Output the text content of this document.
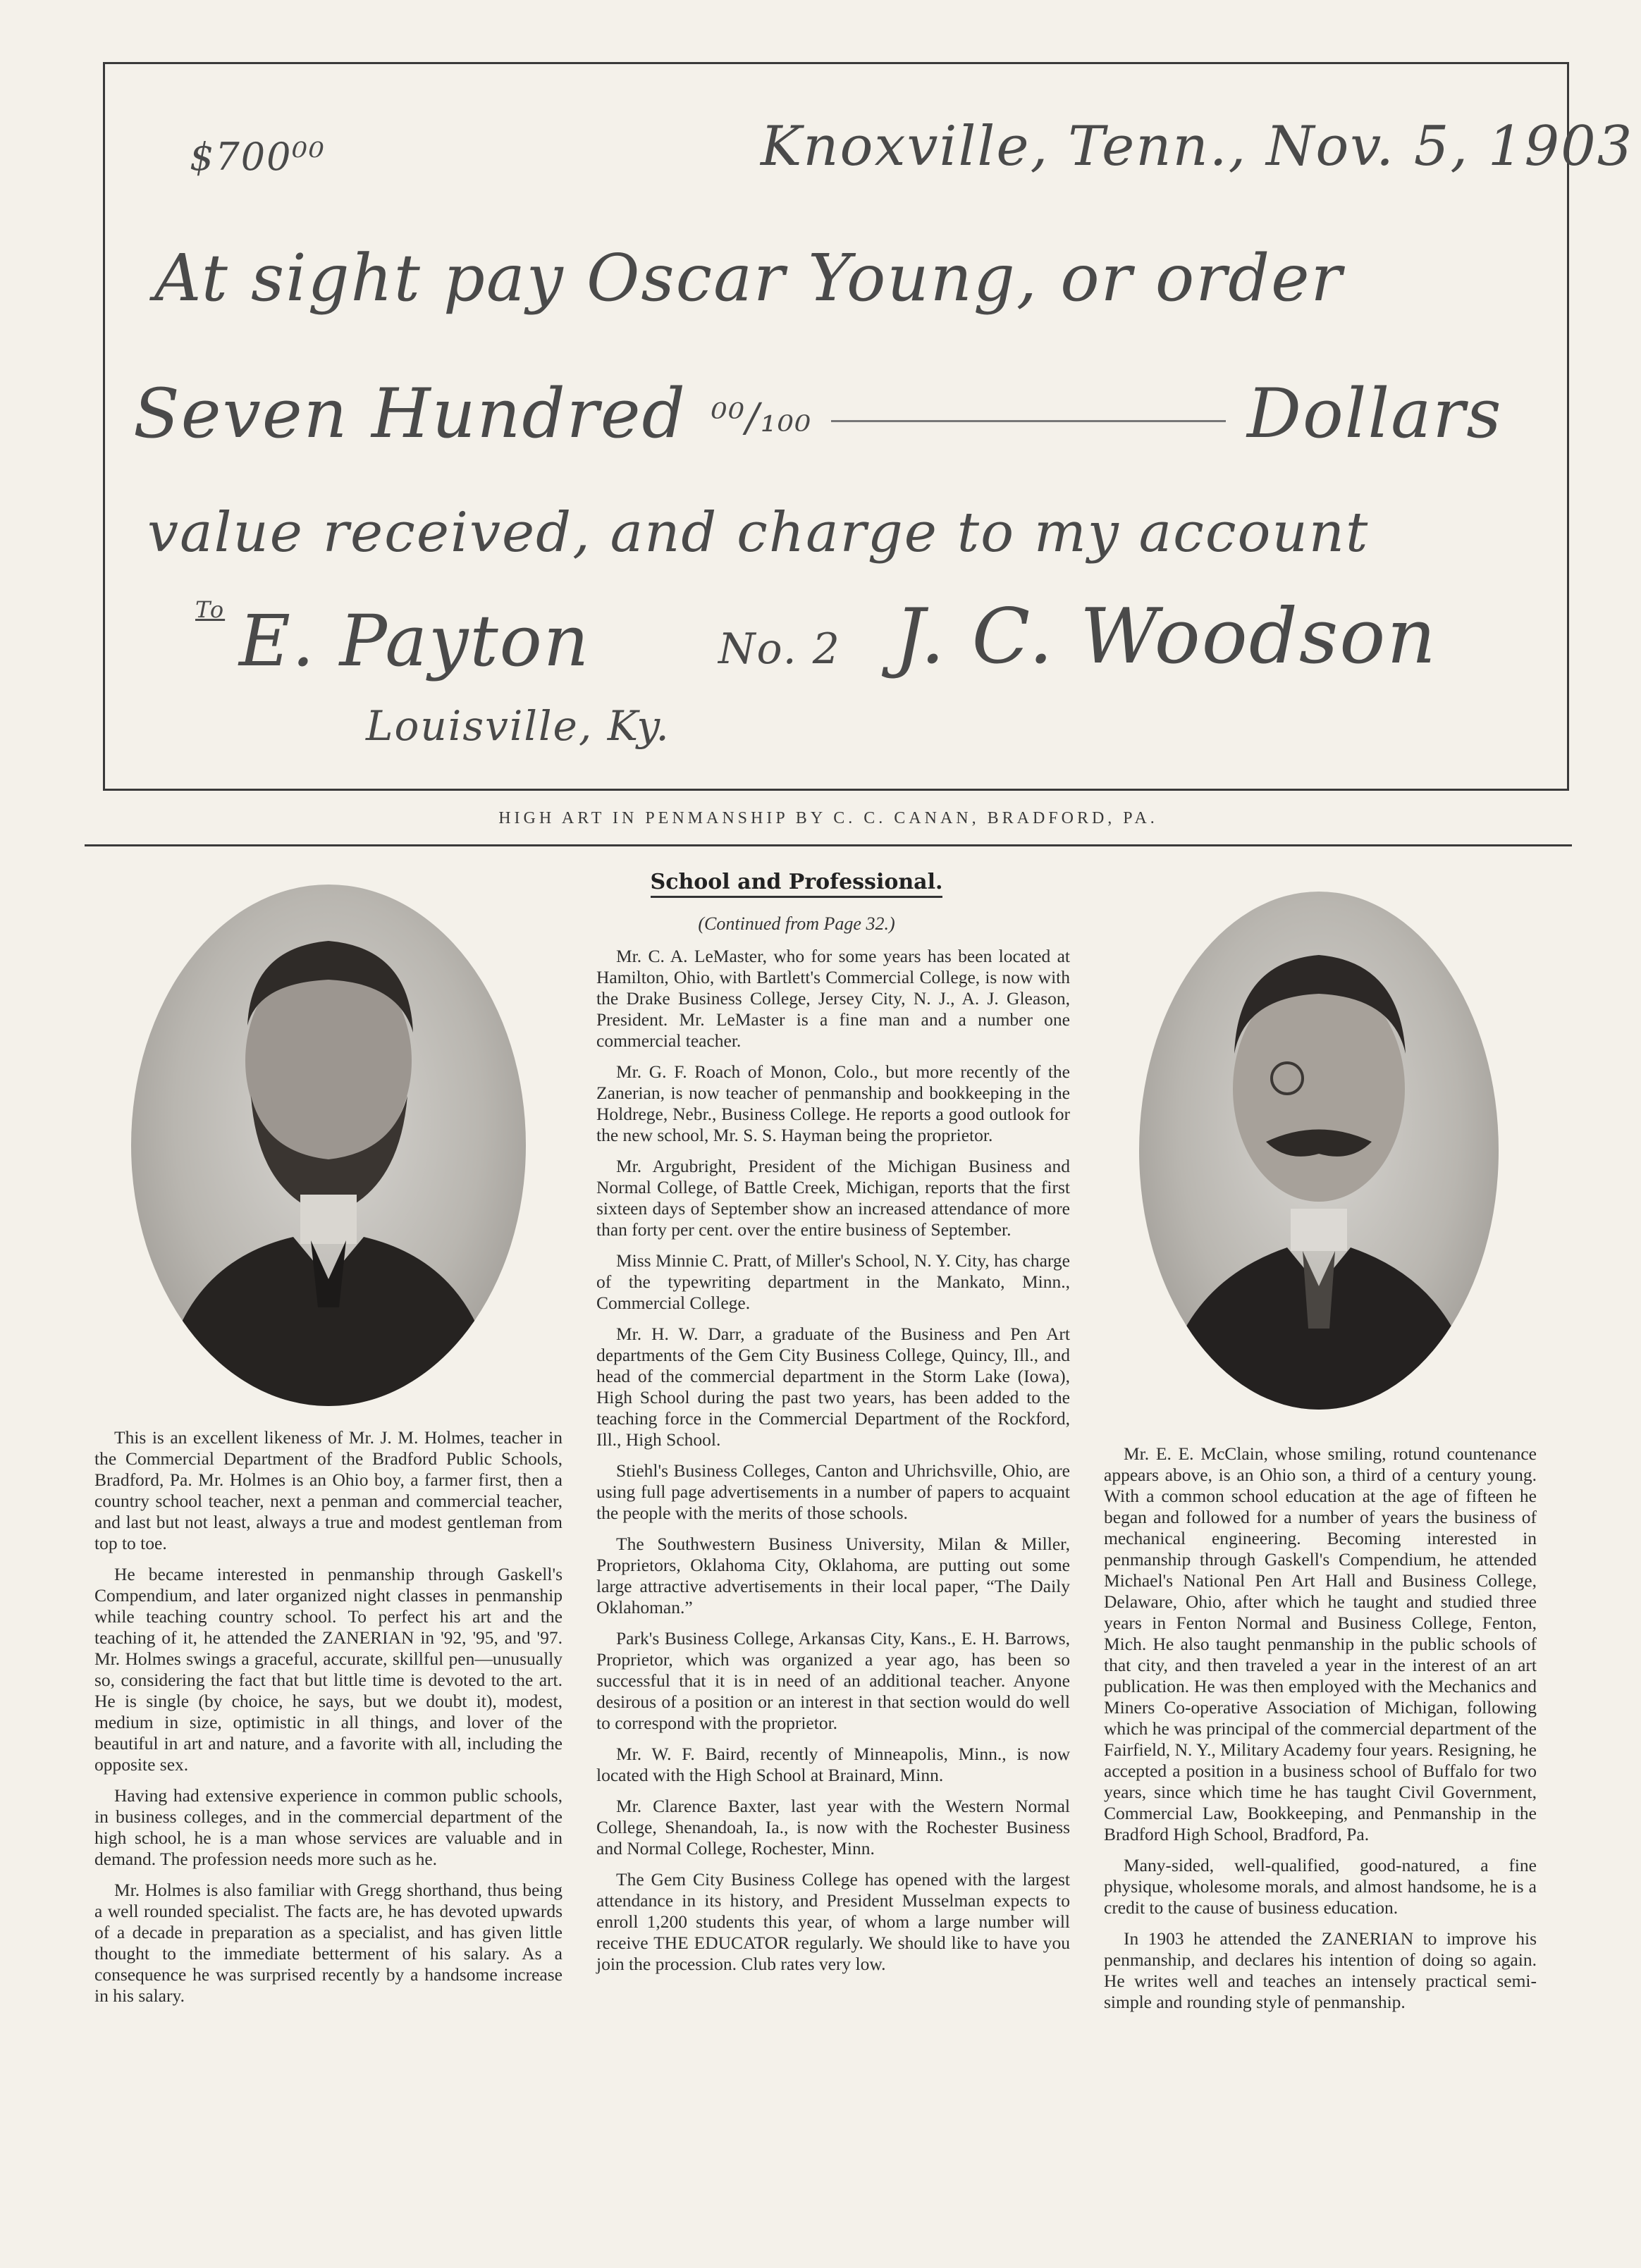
$700⁰⁰	Knoxville, Tenn., Nov. 5, 1903
At sight pay Oscar Young, or order
Seven Hundred ⁰⁰/₁₀₀	Dollars
value received, and charge to my account
To E. Payton	No. 2 J. C. Woodson
Louisville, Ky.
HIGH ART IN PENMANSHIP BY C. C. CANAN, BRADFORD, PA.
School and Professional.
(Continued from Page 32.)

This is an excellent likeness of Mr. J. M. Holmes, teacher in the Commercial Department of the Bradford Public Schools, Bradford, Pa. Mr. Holmes is an Ohio boy, a farmer first, then a country school teacher, next a penman and commercial teacher, and last but not least, always a true and modest gentleman from top to toe.

He became interested in penmanship through Gaskell's Compendium, and later organized night classes in penmanship while teaching country school. To perfect his art and the teaching of it, he attended the ZANERIAN in '92, '95, and '97. Mr. Holmes swings a graceful, accurate, skillful pen—unusually so, considering the fact that but little time is devoted to the art. He is single (by choice, he says, but we doubt it), modest, medium in size, optimistic in all things, and lover of the beautiful in art and nature, and a favorite with all, including the opposite sex.

Having had extensive experience in common public schools, in business colleges, and in the commercial department of the high school, he is a man whose services are valuable and in demand. The profession needs more such as he.

Mr. Holmes is also familiar with Gregg shorthand, thus being a well rounded specialist. The facts are, he has devoted upwards of a decade in preparation as a specialist, and has given little thought to the immediate betterment of his salary. As a consequence he was surprised recently by a handsome increase in his salary.

Mr. C. A. LeMaster, who for some years has been located at Hamilton, Ohio, with Bartlett's Commercial College, is now with the Drake Business College, Jersey City, N. J., A. J. Gleason, President. Mr. LeMaster is a fine man and a number one commercial teacher.

Mr. G. F. Roach of Monon, Colo., but more recently of the Zanerian, is now teacher of penmanship and bookkeeping in the Holdrege, Nebr., Business College. He reports a good outlook for the new school, Mr. S. S. Hayman being the proprietor.

Mr. Argubright, President of the Michigan Business and Normal College, of Battle Creek, Michigan, reports that the first sixteen days of September show an increased attendance of more than forty per cent. over the entire business of September.

Miss Minnie C. Pratt, of Miller's School, N. Y. City, has charge of the typewriting department in the Mankato, Minn., Commercial College.

Mr. H. W. Darr, a graduate of the Business and Pen Art departments of the Gem City Business College, Quincy, Ill., and head of the commercial department in the Storm Lake (Iowa), High School during the past two years, has been added to the teaching force in the Commercial Department of the Rockford, Ill., High School.

Stiehl's Business Colleges, Canton and Uhrichsville, Ohio, are using full page advertisements in a number of papers to acquaint the people with the merits of those schools.

The Southwestern Business University, Milan & Miller, Proprietors, Oklahoma City, Oklahoma, are putting out some large attractive advertisements in their local paper, “The Daily Oklahoman.”

Park's Business College, Arkansas City, Kans., E. H. Barrows, Proprietor, which was organized a year ago, has been so successful that it is in need of an additional teacher. Anyone desirous of a position or an interest in that section would do well to correspond with the proprietor.

Mr. W. F. Baird, recently of Minneapolis, Minn., is now located with the High School at Brainard, Minn.

Mr. Clarence Baxter, last year with the Western Normal College, Shenandoah, Ia., is now with the Rochester Business and Normal College, Rochester, Minn.

The Gem City Business College has opened with the largest attendance in its history, and President Musselman expects to enroll 1,200 students this year, of whom a large number will receive THE EDUCATOR regularly. We should like to have you join the procession. Club rates very low.

Mr. E. E. McClain, whose smiling, rotund countenance appears above, is an Ohio son, a third of a century young. With a common school education at the age of fifteen he began and followed for a number of years the business of mechanical engineering. Becoming interested in penmanship through Gaskell's Compendium, he attended Michael's National Pen Art Hall and Business College, Delaware, Ohio, after which he taught and studied three years in Fenton Normal and Business College, Fenton, Mich. He also taught penmanship in the public schools of that city, and then traveled a year in the interest of an art publication. He was then employed with the Mechanics and Miners Co-operative Association of Michigan, following which he was principal of the commercial department of the Fairfield, N. Y., Military Academy four years. Resigning, he accepted a position in a business school of Buffalo for two years, since which time he has taught Civil Government, Commercial Law, Bookkeeping, and Penmanship in the Bradford High School, Bradford, Pa.

Many-sided, well-qualified, good-natured, a fine physique, wholesome morals, and almost handsome, he is a credit to the cause of business education.

In 1903 he attended the ZANERIAN to improve his penmanship, and declares his intention of doing so again. He writes well and teaches an intensely practical semi-simple and rounding style of penmanship.
